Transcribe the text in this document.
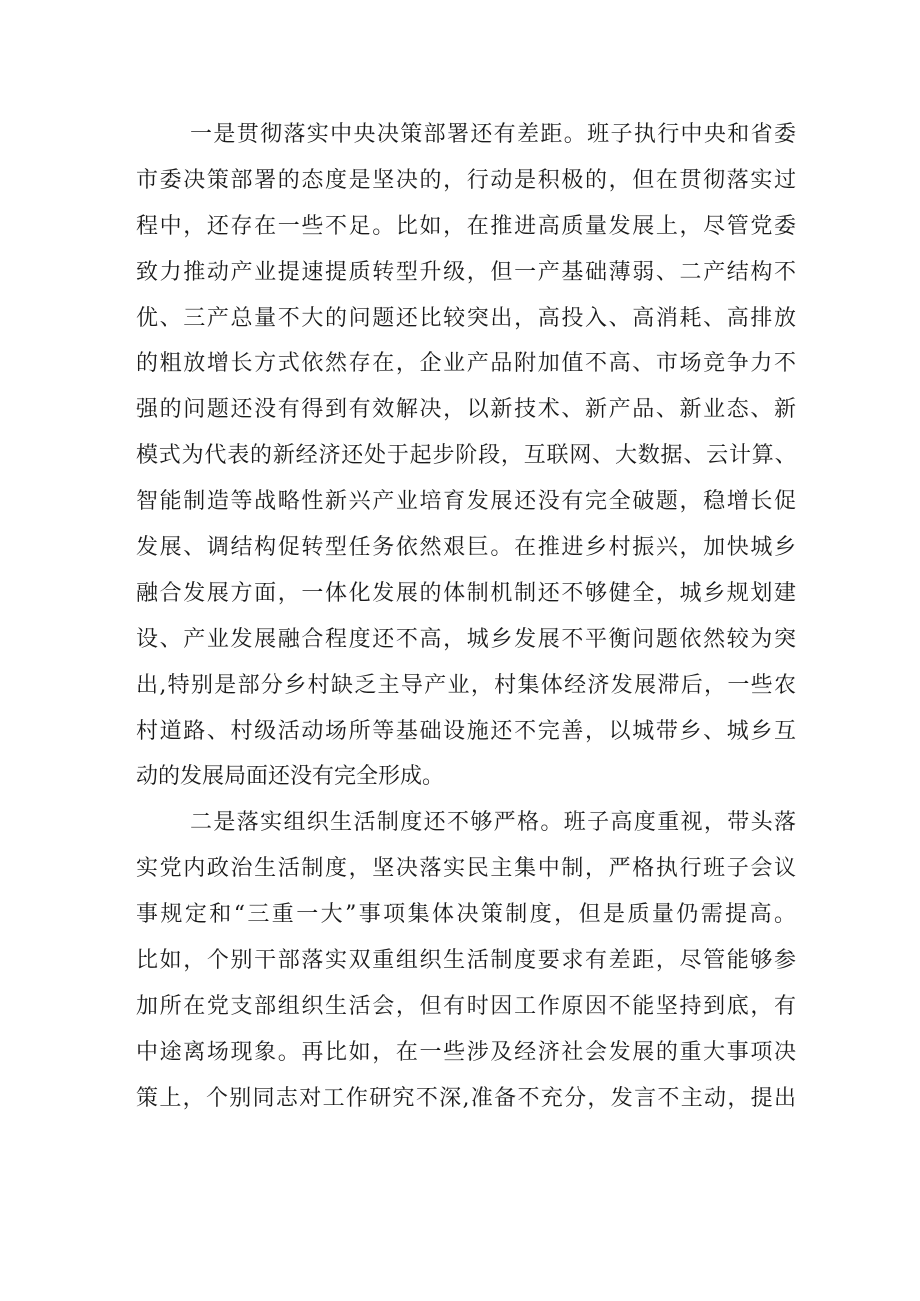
一是贯彻落实中央决策部署还有差距。班子执行中央和省委
市委决策部署的态度是坚决的，行动是积极的，但在贯彻落实过
程中，还存在一些不足。比如，在推进高质量发展上，尽管党委
致力推动产业提速提质转型升级，但一产基础薄弱、二产结构不
优、三产总量不大的问题还比较突出，高投入、高消耗、高排放
的粗放增长方式依然存在，企业产品附加值不高、市场竞争力不
强的问题还没有得到有效解决，以新技术、新产品、新业态、新
模式为代表的新经济还处于起步阶段，互联网、大数据、云计算、
智能制造等战略性新兴产业培育发展还没有完全破题，稳增长促
发展、调结构促转型任务依然艰巨。在推进乡村振兴，加快城乡
融合发展方面，一体化发展的体制机制还不够健全，城乡规划建
设、产业发展融合程度还不高，城乡发展不平衡问题依然较为突
出,特别是部分乡村缺乏主导产业，村集体经济发展滞后，一些农
村道路、村级活动场所等基础设施还不完善，以城带乡、城乡互
动的发展局面还没有完全形成。
二是落实组织生活制度还不够严格。班子高度重视，带头落
实党内政治生活制度，坚决落实民主集中制，严格执行班子会议
事规定和“三重一大”事项集体决策制度，但是质量仍需提高。
比如，个别干部落实双重组织生活制度要求有差距，尽管能够参
加所在党支部组织生活会，但有时因工作原因不能坚持到底，有
中途离场现象。再比如，在一些涉及经济社会发展的重大事项决
策上，个别同志对工作研究不深,准备不充分，发言不主动，提出
